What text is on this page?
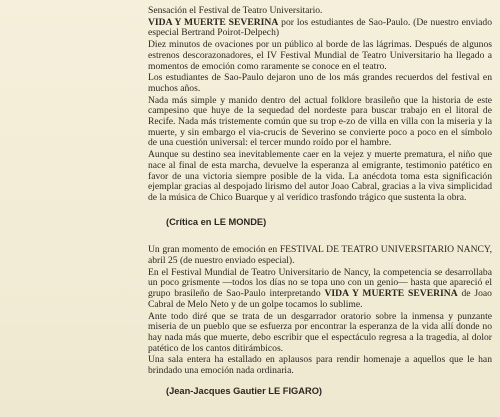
Sensación el Festival de Teatro Universitario.

VIDA Y MUERTE SEVERINA por los estudiantes de Sao-Paulo. (De nuestro enviado especial Bertrand Poirot-Delpech)

Diez minutos de ovaciones por un público al borde de las lágrimas. Después de algunos estrenos descorazonadores, el IV Festival Mundial de Teatro Universitario ha llegado a momentos de emoción como raramente se conoce en el teatro.

Los estudiantes de Sao-Paulo dejaron uno de los más grandes recuerdos del festival en muchos años.

Nada más simple y manido dentro del actual folklore brasileño que la historia de este campesino que huye de la sequedad del nordeste para buscar trabajo en el litoral de Recife. Nada más tristemente común que su trop e-zo de villa en villa con la miseria y la muerte, y sin embargo el via-crucis de Severino se convierte poco a poco en el símbolo de una cuestión universal: el tercer mundo roído por el hambre.

Aunque su destino sea inevitablemente caer en la vejez y muerte prematura, el niño que nace al final de esta marcha, devuelve la esperanza al emigrante, testimonio patético en favor de una victoria siempre posible de la vida. La anécdota toma esta significación ejemplar gracias al despojado lirismo del autor Joao Cabral, gracias a la viva simplicidad de la música de Chico Buarque y al verídico trasfondo trágico que sustenta la obra.

(Crítica en LE MONDE)

Un gran momento de emoción en FESTIVAL DE TEATRO UNIVERSITARIO NANCY, abril 25 (de nuestro enviado especial).

En el Festival Mundial de Teatro Universitario de Nancy, la competencia se desarrollaba un poco grismente —todos los días no se topa uno con un genio— hasta que apareció el grupo brasileño de Sao-Paulo interpretando VIDA Y MUERTE SEVERINA de Joao Cabral de Melo Neto y de un golpe tocamos lo sublime.

Ante todo diré que se trata de un desgarrador oratorio sobre la inmensa y punzante miseria de un pueblo que se esfuerza por encontrar la esperanza de la vida allí donde no hay nada más que muerte, debo escribir que el espectáculo regresa a la tragedia, al dolor patético de los cantos ditirámbicos.

Una sala entera ha estallado en aplausos para rendir homenaje a aquellos que le han brindado una emoción nada ordinaria.

(Jean-Jacques Gautier LE FIGARO)
